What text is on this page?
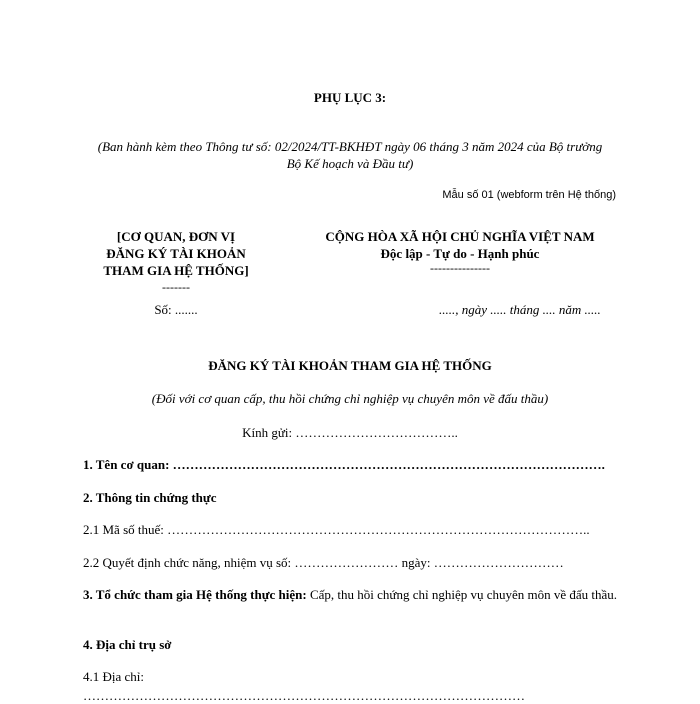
PHỤ LỤC 3:
(Ban hành kèm theo Thông tư số: 02/2024/TT-BKHĐT ngày 06 tháng 3 năm 2024 của Bộ trưởng
Bộ Kế hoạch và Đầu tư)
Mẫu số 01 (webform trên Hệ thống)
[CƠ QUAN, ĐƠN VỊ
ĐĂNG KÝ TÀI KHOẢN
THAM GIA HỆ THỐNG]
-------
Số: .......
CỘNG HÒA XÃ HỘI CHỦ NGHĨA VIỆT NAM
Độc lập - Tự do - Hạnh phúc
---------------
....., ngày ..... tháng .... năm .....
ĐĂNG KÝ TÀI KHOẢN THAM GIA HỆ THỐNG
(Đối với cơ quan cấp, thu hồi chứng chỉ nghiệp vụ chuyên môn về đấu thầu)
Kính gửi: ………………………………..
1. Tên cơ quan: ……………………………………………………………………………………….
2. Thông tin chứng thực
2.1 Mã số thuế: ……………………………………………………………………………………..
2.2 Quyết định chức năng, nhiệm vụ số: …………………… ngày: …………………………
3. Tổ chức tham gia Hệ thống thực hiện: Cấp, thu hồi chứng chỉ nghiệp vụ chuyên môn về đấu thầu.
4. Địa chỉ trụ sở
4.1 Địa chỉ:
…………………………………………………………………………………………
